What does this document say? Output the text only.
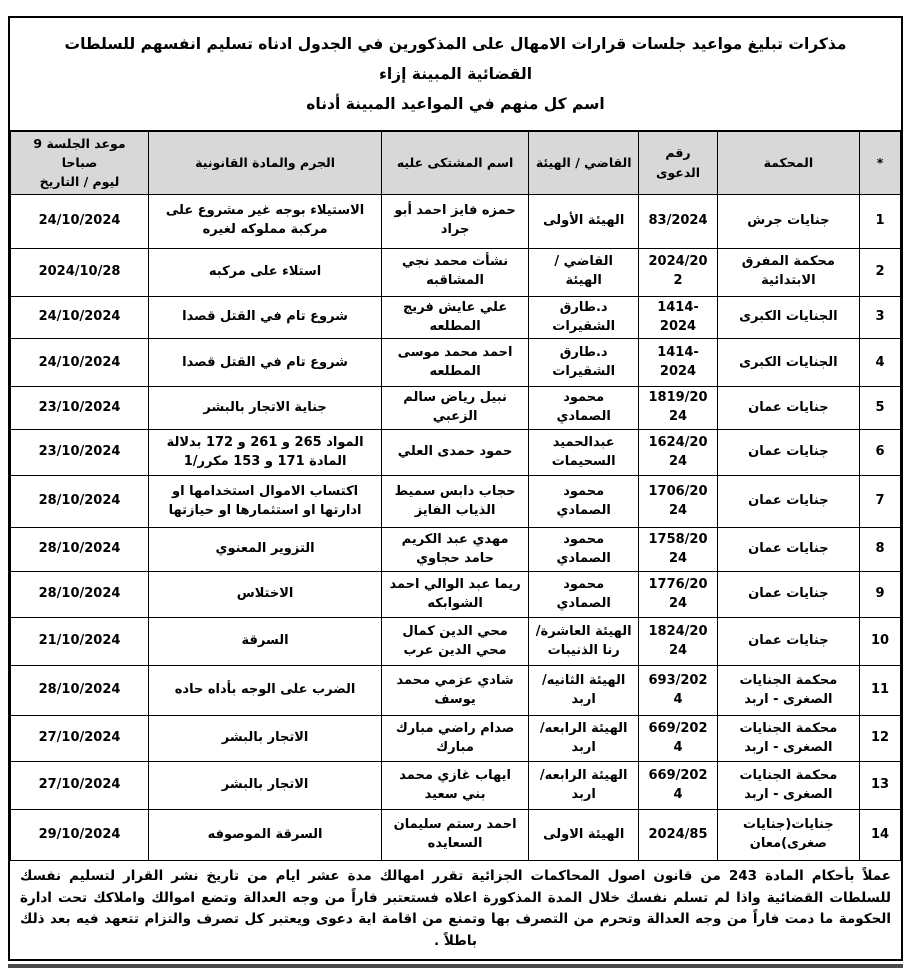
مذكرات تبليغ مواعيد جلسات قرارات الامهال على المذكورين في الجدول ادناه تسليم انفسهم للسلطات القضائية المبينة إزاء
اسم كل منهم في المواعيد المبينة أدناه
*	المحكمة	رقم الدعوى	القاضي / الهيئة	اسم المشتكى عليه	الجرم والمادة القانونية	موعد الجلسة 9 صباحا
ليوم / التاريخ

1	جنايات جرش	83/2024	الهيئة الأولى	حمزه فايز احمد أبو جراد	الاستيلاء بوجه غير مشروع على مركبة مملوكه لغيره	24/10/2024
2	محكمة المفرق الابتدائية	2024/202	القاضي / الهيئة	نشأت محمد نجي المشاقبه	استلاء على مركبه	2024/10/28
3	الجنايات الكبرى	1414-2024	د.طارق الشقيرات	علي عايش فريج المطلعه	شروع تام في القتل قصدا	24/10/2024
4	الجنايات الكبرى	1414-2024	د.طارق الشقيرات	احمد محمد موسى المطلعه	شروع تام في القتل قصدا	24/10/2024
5	جنايات عمان	1819/2024	محمود الصمادي	نبيل رياض سالم الزعبي	جناية الاتجار بالبشر	23/10/2024
6	جنايات عمان	1624/2024	عبدالحميد السحيمات	حمود حمدى العلي	المواد 265 و 261 و 172 بدلالة المادة 171 و 153 مكرر/1	23/10/2024
7	جنايات عمان	1706/2024	محمود الصمادي	حجاب دابس سميط الذياب الفايز	اكتساب الاموال استخدامها او ادارتها او استثمارها او حيازتها	28/10/2024
8	جنايات عمان	1758/2024	محمود الصمادي	مهدي عبد الكريم حامد حجاوي	التزوير المعنوي	28/10/2024
9	جنايات عمان	1776/2024	محمود الصمادي	ريما عبد الوالي احمد الشوابكه	الاختلاس	28/10/2024
10	جنايات عمان	1824/2024	الهيئة العاشرة/رنا الذنيبات	محي الدين كمال محي الدين عرب	السرقة	21/10/2024
11	محكمة الجنايات الصغرى - اربد	693/2024	الهيئة الثانيه/ اربد	شادي عزمي محمد يوسف	الضرب على الوجه بأداه حاده	28/10/2024
12	محكمة الجنايات الصغرى - اربد	669/2024	الهيئة الرابعه/ اربد	صدام راضي مبارك مبارك	الاتجار بالبشر	27/10/2024
13	محكمة الجنايات الصغرى - اربد	669/2024	الهيئة الرابعه/ اربد	ايهاب غازي محمد بني سعيد	الاتجار بالبشر	27/10/2024
14	جنايات(جنايات صغرى)معان	2024/85	الهيئة الاولى	احمد رستم سليمان السعايده	السرقة الموصوفه	29/10/2024
عملاً بأحكام المادة 243 من قانون اصول المحاكمات الجزائية تقرر امهالك مدة عشر ايام من تاريخ نشر القرار لتسليم نفسك للسلطات القضائية واذا لم تسلم نفسك خلال المدة المذكورة اعلاه فستعتبر فاراً من وجه العدالة وتضع اموالك واملاكك تحت ادارة الحكومة ما دمت فاراً من وجه العدالة وتحرم من التصرف بها وتمنع من اقامة اية دعوى ويعتبر كل تصرف والتزام تتعهد فيه بعد ذلك باطلاً .
